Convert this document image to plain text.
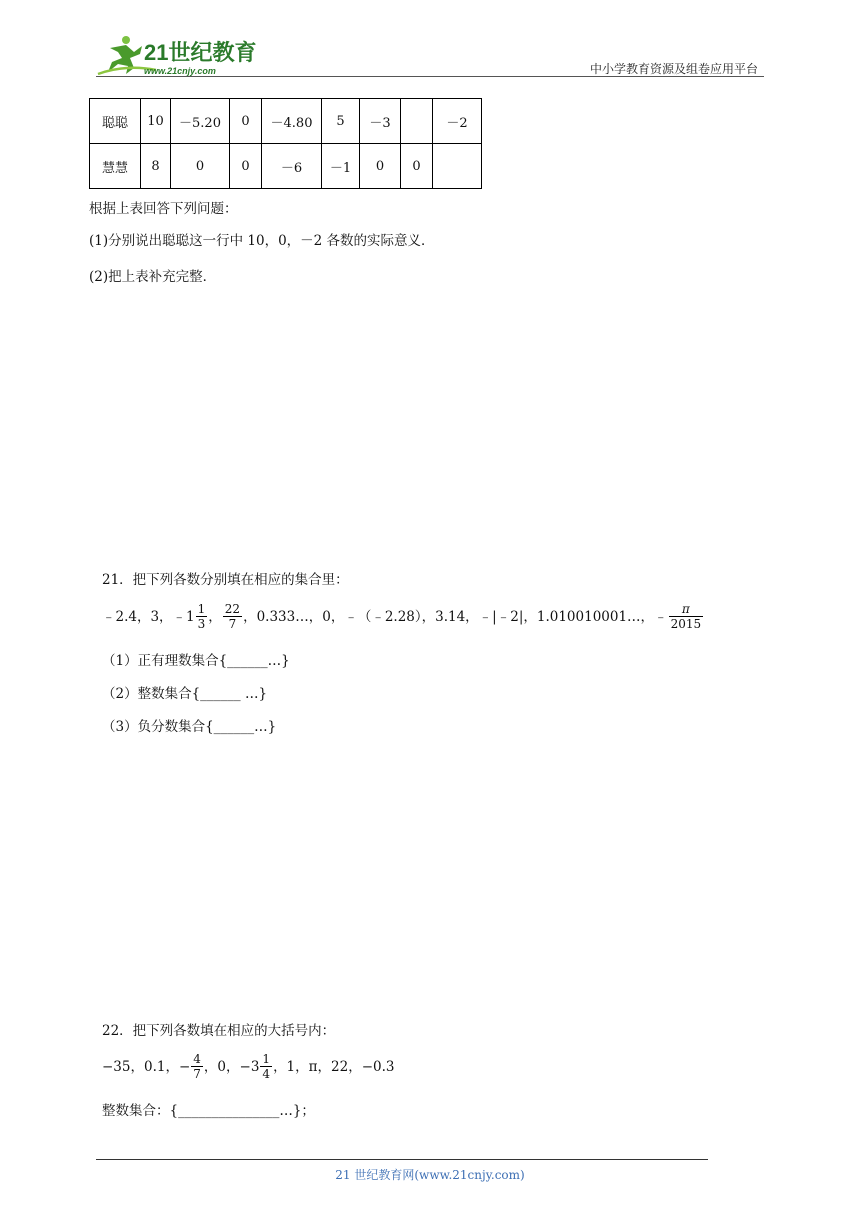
21世纪教育
www.21cnjy.com	中小学教育资源及组卷应用平台
聪聪	10	－5.20	0	－4.80	5	－3		－2
慧慧	8	0	0	－6	－1	0	0	
根据上表回答下列问题：
(1)分别说出聪聪这一行中 10，0，－2 各数的实际意义．
(2)把上表补充完整．
21．把下列各数分别填在相应的集合里：
﹣2.4，3，﹣1 $\frac{1}{3}$ ， $\frac{22}{7}$ ，0.333…，0，﹣（﹣2.28），3.14，﹣|﹣2|，1.010010001…，﹣ $\frac{\pi}{2015}$
（1）正有理数集合{______…}
（2）整数集合{______ …}
（3）负分数集合{______…}
22．把下列各数填在相应的大括号内：
−35，0.1，− $\frac{4}{7}$ ，0，$-3 \frac{1}{4}$ ，1，π，22，−0.3
整数集合：{_______________…}；
21 世纪教育网(www.21cnjy.com)
